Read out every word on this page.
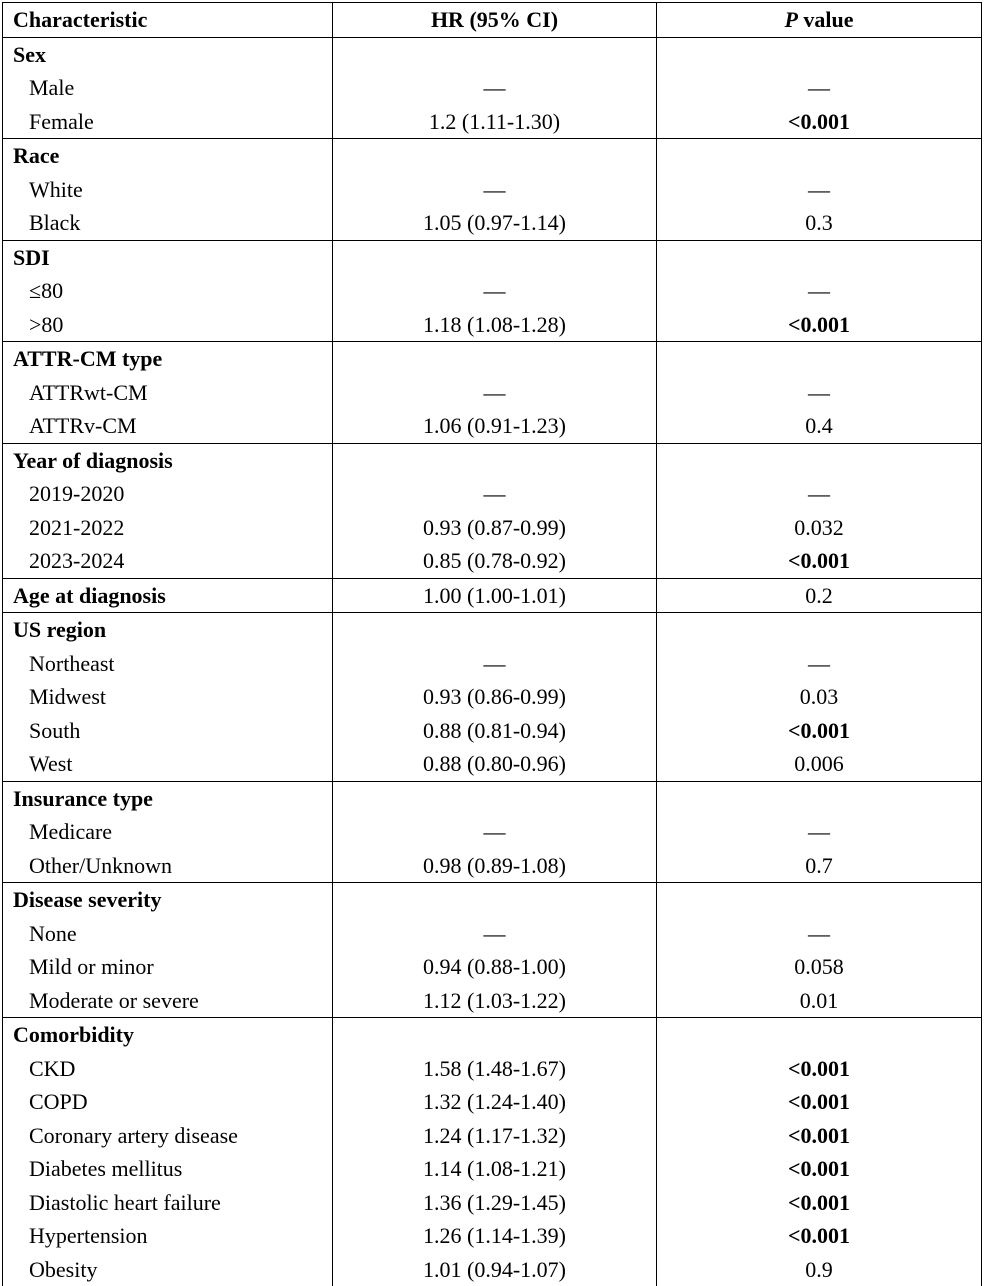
Characteristic	HR (95% CI)	P value
Sex		
Male	—	—
Female	1.2 (1.11-1.30)	<0.001
Race		
White	—	—
Black	1.05 (0.97-1.14)	0.3
SDI		
≤80	—	—
>80	1.18 (1.08-1.28)	<0.001
ATTR-CM type		
ATTRwt-CM	—	—
ATTRv-CM	1.06 (0.91-1.23)	0.4
Year of diagnosis		
2019-2020	—	—
2021-2022	0.93 (0.87-0.99)	0.032
2023-2024	0.85 (0.78-0.92)	<0.001
Age at diagnosis	1.00 (1.00-1.01)	0.2
US region		
Northeast	—	—
Midwest	0.93 (0.86-0.99)	0.03
South	0.88 (0.81-0.94)	<0.001
West	0.88 (0.80-0.96)	0.006
Insurance type		
Medicare	—	—
Other/Unknown	0.98 (0.89-1.08)	0.7
Disease severity		
None	—	—
Mild or minor	0.94 (0.88-1.00)	0.058
Moderate or severe	1.12 (1.03-1.22)	0.01
Comorbidity		
CKD	1.58 (1.48-1.67)	<0.001
COPD	1.32 (1.24-1.40)	<0.001
Coronary artery disease	1.24 (1.17-1.32)	<0.001
Diabetes mellitus	1.14 (1.08-1.21)	<0.001
Diastolic heart failure	1.36 (1.29-1.45)	<0.001
Hypertension	1.26 (1.14-1.39)	<0.001
Obesity	1.01 (0.94-1.07)	0.9
